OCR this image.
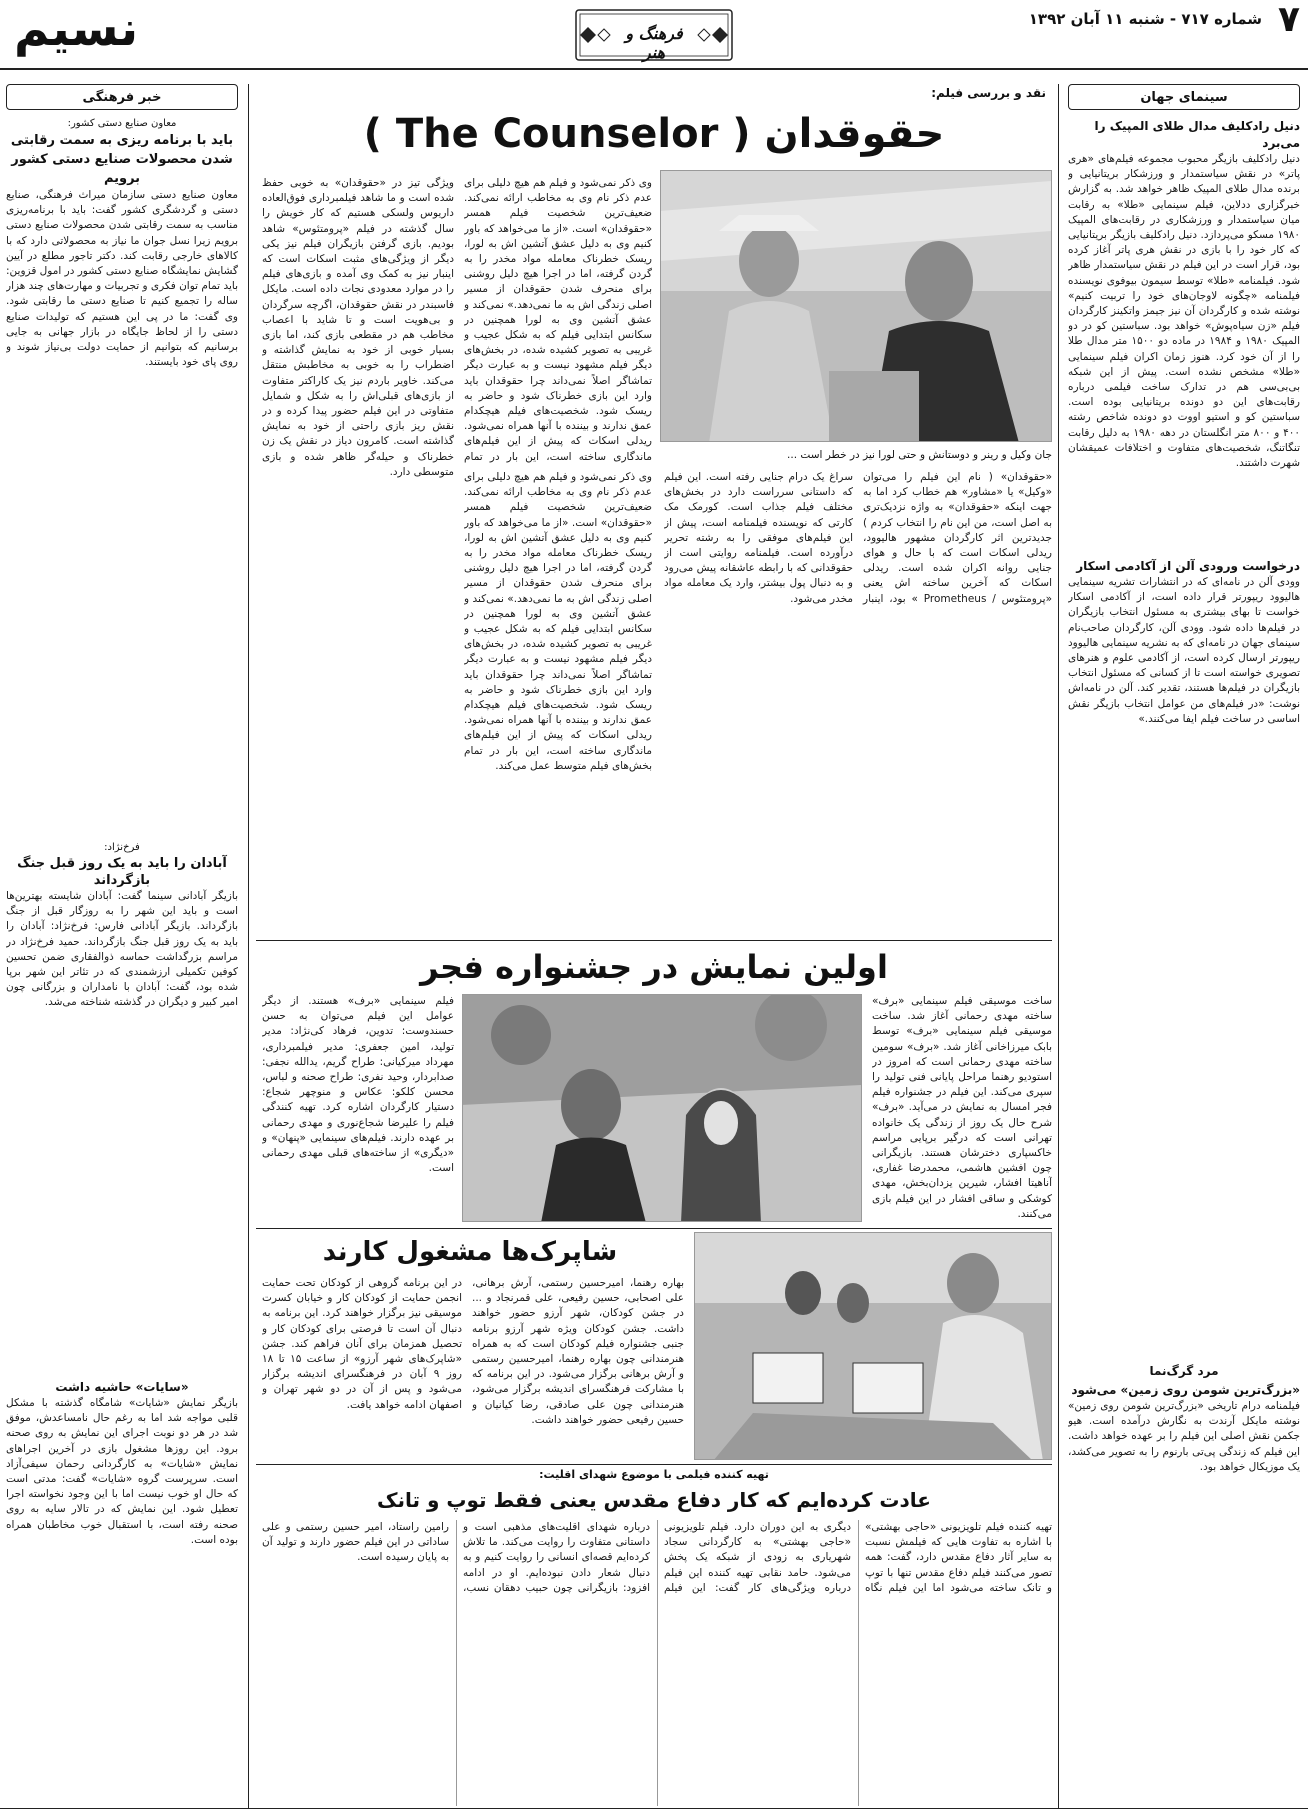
۷
شماره ۷۱۷ - شنبه ۱۱ آبان ۱۳۹۲
فرهنگ و هنر
نسیم
سینمای جهان
دنیل رادکلیف مدال طلای المپیک را می‌برد
دنیل رادکلیف بازیگر محبوب مجموعه فیلم‌های «هری پاتر» در نقش سیاستمدار و ورزشکار بریتانیایی و برنده مدال طلای المپیک ظاهر خواهد شد. به گزارش خبرگزاری ددلاین، فیلم سینمایی «طلا» به رقابت میان سیاستمدار و ورزشکاری در رقابت‌های المپیک ۱۹۸۰ مسکو می‌پردازد. دنیل رادکلیف بازیگر بریتانیایی که کار خود را با بازی در نقش هری پاتر آغاز کرده بود، قرار است در این فیلم در نقش سیاستمدار ظاهر شود. فیلمنامه «طلا» توسط سیمون بیوفوی نویسنده فیلمنامه «چگونه لاوجان‌های خود را تربیت کنیم» نوشته شده و کارگردان آن نیز جیمز واتکینز کارگردان فیلم «زن سیاه‌پوش» خواهد بود. سباستین کو در دو المپیک ۱۹۸۰ و ۱۹۸۴ در ماده دو ۱۵۰۰ متر مدال طلا را از آن خود کرد. هنوز زمان اکران فیلم سینمایی «طلا» مشخص نشده است. پیش از این شبکه بی‌بی‌سی هم در تدارک ساخت فیلمی درباره رقابت‌های این دو دونده بریتانیایی بوده است. سباستین کو و استیو اووت دو دونده شاخص رشته ۴۰۰ و ۸۰۰ متر انگلستان در دهه ۱۹۸۰ به دلیل رقابت تنگاتنگ، شخصیت‌های متفاوت و اختلافات عمیقشان شهرت داشتند.
درخواست ورودی آلن از آکادمی اسکار
وودی آلن در نامه‌ای که در انتشارات تشریه سینمایی هالیوود ریپورتر قرار داده است، از آکادمی اسکار خواست تا بهای بیشتری به مسئول انتخاب بازیگران در فیلم‌ها داده شود. وودی آلن، کارگردان صاحب‌نام سینمای جهان در نامه‌ای که به نشریه سینمایی هالیوود ریپورتر ارسال کرده است، از آکادمی علوم و هنرهای تصویری خواسته است تا از کسانی که مسئول انتخاب بازیگران در فیلم‌ها هستند، تقدیر کند. آلن در نامه‌اش نوشت: «در فیلم‌های من عوامل انتخاب بازیگر نقش اساسی در ساخت فیلم ایفا می‌کنند.»
مرد گرگ‌نما
«بزرگ‌ترین شومن روی زمین» می‌شود
فیلمنامه درام تاریخی «بزرگ‌ترین شومن روی زمین» نوشته مایکل آرندت به نگارش درآمده است. هیو جکمن نقش اصلی این فیلم را بر عهده خواهد داشت. این فیلم که زندگی پی‌تی بارنوم را به تصویر می‌کشد، یک موزیکال خواهد بود.
خبر فرهنگی
معاون صنایع دستی کشور:
باید با برنامه ریزی به سمت رقابتی شدن محصولات صنایع دستی کشور برویم
معاون صنایع دستی سازمان میراث فرهنگی، صنایع دستی و گردشگری کشور گفت: باید با برنامه‌ریزی مناسب به سمت رقابتی شدن محصولات صنایع دستی برویم زیرا نسل جوان ما نیاز به محصولاتی دارد که با کالاهای خارجی رقابت کند. دکتر تاجور مطلع در آیین گشایش نمایشگاه صنایع دستی کشور در امول قزوین: باید تمام توان فکری و تجربیات و مهارت‌های چند هزار ساله را تجمیع کنیم تا صنایع دستی ما رقابتی شود. وی گفت: ما در پی این هستیم که تولیدات صنایع دستی را از لحاظ جایگاه در بازار جهانی به جایی برسانیم که بتوانیم از حمایت دولت بی‌نیاز شوند و روی پای خود بایستند.
فرخ‌نژاد:
آبادان را باید به یک روز قبل جنگ بازگرداند
بازیگر آبادانی سینما گفت: آبادان شایسته بهترین‌ها است و باید این شهر را به روزگار قبل از جنگ بازگرداند. بازیگر آبادانی فارس: فرخ‌نژاد: آبادان را باید به یک روز قبل جنگ بازگرداند. حمید فرخ‌نژاد در مراسم بزرگداشت حماسه ذوالفقاری ضمن تحسین کوفین تکمیلی ارزشمندی که در تئاتر این شهر برپا شده بود، گفت: آبادان با نامداران و بزرگانی چون امیر کبیر و دیگران در گذشته شناخته می‌شد.
«سایات» حاشیه داشت
بازیگر نمایش «شایات» شامگاه گذشته با مشکل قلبی مواجه شد اما به رغم حال نامساعدش، موفق شد در هر دو نوبت اجرای این نمایش به روی صحنه برود. این روزها مشغول بازی در آخرین اجراهای نمایش «شایات» به کارگردانی رحمان سیفی‌آزاد است. سرپرست گروه «شایات» گفت: مدتی است که حال او خوب نیست اما با این وجود نخواسته اجرا تعطیل شود. این نمایش که در تالار سایه به روی صحنه رفته است، با استقبال خوب مخاطبان همراه بوده است.
نقد و بررسی فیلم:
حقوقدان ( The Counselor )
جان وکیل و رینر و دوستانش و حتی لورا نیز در خطر است ...
وی ذکر نمی‌شود و فیلم هم هیچ دلیلی برای عدم ذکر نام وی به مخاطب ارائه نمی‌کند. ضعیف‌ترین شخصیت فیلم همسر «حقوقدان» است. «از ما می‌خواهد که باور کنیم وی به دلیل عشق آتشین اش به لورا، ریسک خطرناک معامله مواد مخدر را به گردن گرفته، اما در اجرا هیچ دلیل روشنی برای منحرف شدن حقوقدان از مسیر اصلی زندگی اش به ما نمی‌دهد.» نمی‌کند و عشق آتشین وی به لورا همچنین در سکانس ابتدایی فیلم که به شکل عجیب و غریبی به تصویر کشیده شده، در بخش‌های دیگر فیلم مشهود نیست و به عبارت دیگر تماشاگر اصلاً نمی‌داند چرا حقوقدان باید وارد این بازی خطرناک شود و حاضر به ریسک شود. شخصیت‌های فیلم هیچکدام عمق ندارند و بیننده با آنها همراه نمی‌شود. ریدلی اسکات که پیش از این فیلم‌های ماندگاری ساخته است، این بار در تمام
ویژگی تیز در «حقوقدان» به خوبی حفظ شده است و ما شاهد فیلمبرداری فوق‌العاده داریوس ولسکی هستیم که کار خویش را سال گذشته در فیلم «پرومتئوس» شاهد بودیم. بازی گرفتن بازیگران فیلم نیز یکی دیگر از ویژگی‌های مثبت اسکات است که اینبار نیز به کمک وی آمده و بازی‌های فیلم را در موارد معدودی نجات داده است. مایکل فاسبندر در نقش حقوقدان، اگرچه سرگردان و بی‌هویت است و تا شاید با اعصاب مخاطب هم در مقطعی بازی کند، اما بازی بسیار خوبی از خود به نمایش گذاشته و اضطراب را به خوبی به مخاطبش منتقل می‌کند. خاویر باردم نیز یک کاراکتر متفاوت از بازی‌های قبلی‌اش را به شکل و شمایل متفاوتی در این فیلم حضور پیدا کرده و در نقش ریز بازی راحتی از خود به نمایش گذاشته است. کامرون دیاز در نقش یک زن خطرناک و حیله‌گر ظاهر شده و بازی متوسطی دارد.	«حقوقدان» ( نام این فیلم را می‌توان «وکیل» یا «مشاور» هم خطاب کرد اما به جهت اینکه «حقوقدان» به واژه نزدیک‌تری به اصل است، من این نام را انتخاب کردم ) جدیدترین اثر کارگردان مشهور هالیوود، ریدلی اسکات است که با حال و هوای جنایی روانه اکران شده است. ریدلی اسکات که آخرین ساخته اش یعنی «پرومتئوس / Prometheus » بود، اینبار سراغ یک درام جنایی رفته است. این فیلم که داستانی سرراست دارد در بخش‌های مختلف فیلم جذاب است. کورمک مک کارتی که نویسنده فیلمنامه است، پیش از این فیلم‌های موفقی را به رشته تحریر درآورده است. فیلمنامه روایتی است از حقوقدانی که با رابطه عاشقانه پیش می‌رود و به دنبال پول بیشتر، وارد یک معامله مواد مخدر می‌شود.
وی ذکر نمی‌شود و فیلم هم هیچ دلیلی برای عدم ذکر نام وی به مخاطب ارائه نمی‌کند. ضعیف‌ترین شخصیت فیلم همسر «حقوقدان» است. «از ما می‌خواهد که باور کنیم وی به دلیل عشق آتشین اش به لورا، ریسک خطرناک معامله مواد مخدر را به گردن گرفته، اما در اجرا هیچ دلیل روشنی برای منحرف شدن حقوقدان از مسیر اصلی زندگی اش به ما نمی‌دهد.» نمی‌کند و عشق آتشین وی به لورا همچنین در سکانس ابتدایی فیلم که به شکل عجیب و غریبی به تصویر کشیده شده، در بخش‌های دیگر فیلم مشهود نیست و به عبارت دیگر تماشاگر اصلاً نمی‌داند چرا حقوقدان باید وارد این بازی خطرناک شود و حاضر به ریسک شود. شخصیت‌های فیلم هیچکدام عمق ندارند و بیننده با آنها همراه نمی‌شود. ریدلی اسکات که پیش از این فیلم‌های ماندگاری ساخته است، این بار در تمام بخش‌های فیلم متوسط عمل می‌کند.
اولین نمایش در جشنواره فجر
ساخت موسیقی فیلم سینمایی «برف» ساخته مهدی رحمانی آغاز شد. ساخت موسیقی فیلم سینمایی «برف» توسط بابک میرزاخانی آغاز شد. «برف» سومین ساخته مهدی رحمانی است که امروز در استودیو رهنما مراحل پایانی فنی تولید را سپری می‌کند. این فیلم در جشنواره فیلم فجر امسال به نمایش در می‌آید. «برف» شرح حال یک روز از زندگی یک خانواده تهرانی است که درگیر برپایی مراسم خاکسپاری دخترشان هستند. بازیگرانی چون افشین هاشمی، محمدرضا غفاری، آناهیتا افشار، شیرین یزدان‌بخش، مهدی کوشکی و ساقی افشار در این فیلم بازی می‌کنند.
فیلم سینمایی «برف» هستند. از دیگر عوامل این فیلم می‌توان به حسن حسندوست: تدوین، فرهاد کی‌نژاد: مدیر تولید، امین جعفری: مدیر فیلمبرداری، مهرداد میرکیانی: طراح گریم، یدالله نجفی: صدابردار، وحید نفری: طراح صحنه و لباس، محسن کلکو: عکاس و منوچهر شجاع: دستیار کارگردان اشاره کرد. تهیه کنندگی فیلم را علیرضا شجاع‌نوری و مهدی رحمانی بر عهده دارند. فیلم‌های سینمایی «پنهان» و «دیگری» از ساخته‌های قبلی مهدی رحمانی است.
شاپرک‌ها مشغول کارند
بهاره رهنما، امیرحسین رستمی، آرش برهانی، علی اصحابی، حسین رفیعی، علی قمرنجاد و ... در جشن کودکان، شهر آرزو حضور خواهند داشت. جشن کودکان ویژه شهر آرزو برنامه جنبی جشنواره فیلم کودکان است که به همراه هنرمندانی چون بهاره رهنما، امیرحسین رستمی و آرش برهانی برگزار می‌شود. در این برنامه که با مشارکت فرهنگسرای اندیشه برگزار می‌شود، هنرمندانی چون علی صادقی، رضا کیانیان و حسین رفیعی حضور خواهند داشت.
در این برنامه گروهی از کودکان تحت حمایت انجمن حمایت از کودکان کار و خیابان کسرت موسیقی نیز برگزار خواهند کرد. این برنامه به دنبال آن است تا فرصتی برای کودکان کار و تحصیل همزمان برای آنان فراهم کند. جشن «شاپرک‌های شهر آرزو» از ساعت ۱۵ تا ۱۸ روز ۹ آبان در فرهنگسرای اندیشه برگزار می‌شود و پس از آن در دو شهر تهران و اصفهان ادامه خواهد یافت.
تهیه کننده فیلمی با موضوع شهدای اقلیت:
عادت کرده‌ایم که کار دفاع مقدس یعنی فقط توپ و تانک
تهیه کننده فیلم تلویزیونی «حاجی بهشتی» با اشاره به تفاوت هایی که فیلمش نسبت به سایر آثار دفاع مقدس دارد، گفت: همه تصور می‌کنند فیلم دفاع مقدس تنها با توپ و تانک ساخته می‌شود اما این فیلم نگاه دیگری به این دوران دارد. فیلم تلویزیونی «حاجی بهشتی» به کارگردانی سجاد شهریاری به زودی از شبکه یک پخش می‌شود. حامد نقابی تهیه کننده این فیلم درباره ویژگی‌های کار گفت: این فیلم درباره شهدای اقلیت‌های مذهبی است و داستانی متفاوت را روایت می‌کند. ما تلاش کرده‌ایم قصه‌ای انسانی را روایت کنیم و به دنبال شعار دادن نبوده‌ایم. او در ادامه افزود: بازیگرانی چون حبیب دهقان نسب، رامین راستاد، امیر حسین رستمی و علی ساداتی در این فیلم حضور دارند و تولید آن به پایان رسیده است.
